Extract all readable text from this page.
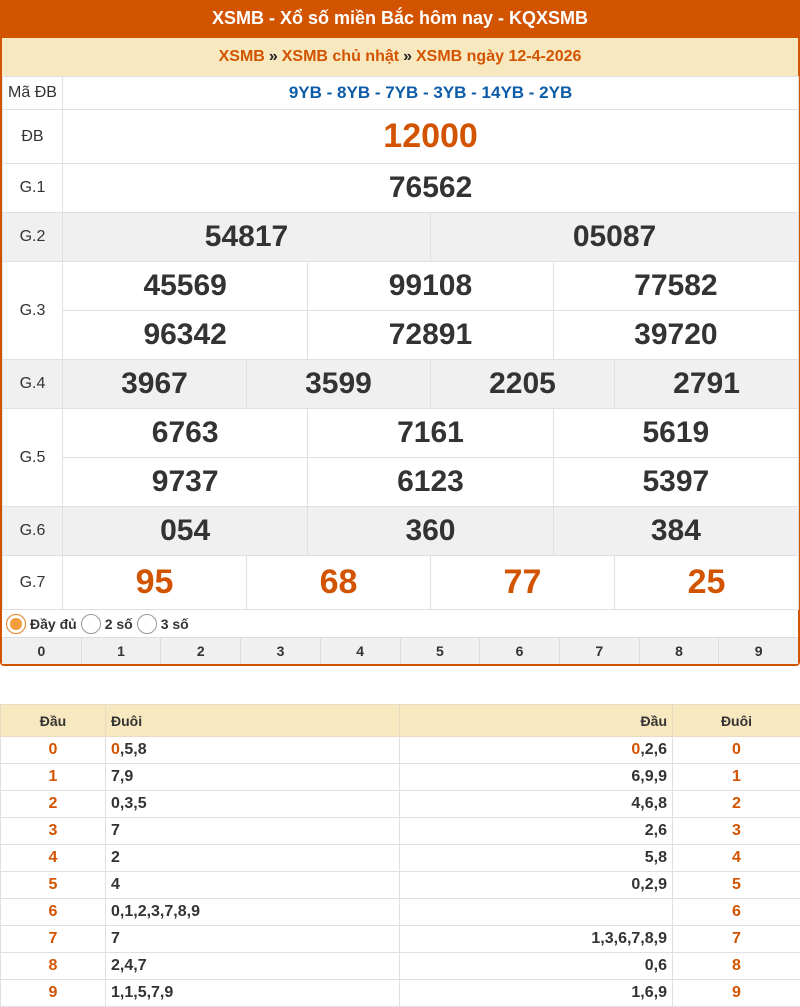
XSMB - Xổ số miền Bắc hôm nay - KQXSMB
XSMB » XSMB chủ nhật » XSMB ngày 12-4-2026
Mã ĐB	9YB - 8YB - 7YB - 3YB - 14YB - 2YB					
ĐB	12000					
G.1	76562					
G.2	54817			05087		
G.3	45569		99108		77582	
	96342		72891		39720	
G.4	3967	3599		2205		2791
G.5	6763		7161		5619	
	9737		6123		5397	
G.6	054		360		384	
G.7	95	68		77		25
Đầy đủ 2 số 3 số
0	1	2	3	4	5	6	7	8	9
Đầu	Đuôi	Đầu	Đuôi
0	0,5,8	0,2,6	0
1	7,9	6,9,9	1
2	0,3,5	4,6,8	2
3	7	2,6	3
4	2	5,8	4
5	4	0,2,9	5
6	0,1,2,3,7,8,9		6
7	7	1,3,6,7,8,9	7
8	2,4,7	0,6	8
9	1,1,5,7,9	1,6,9	9
